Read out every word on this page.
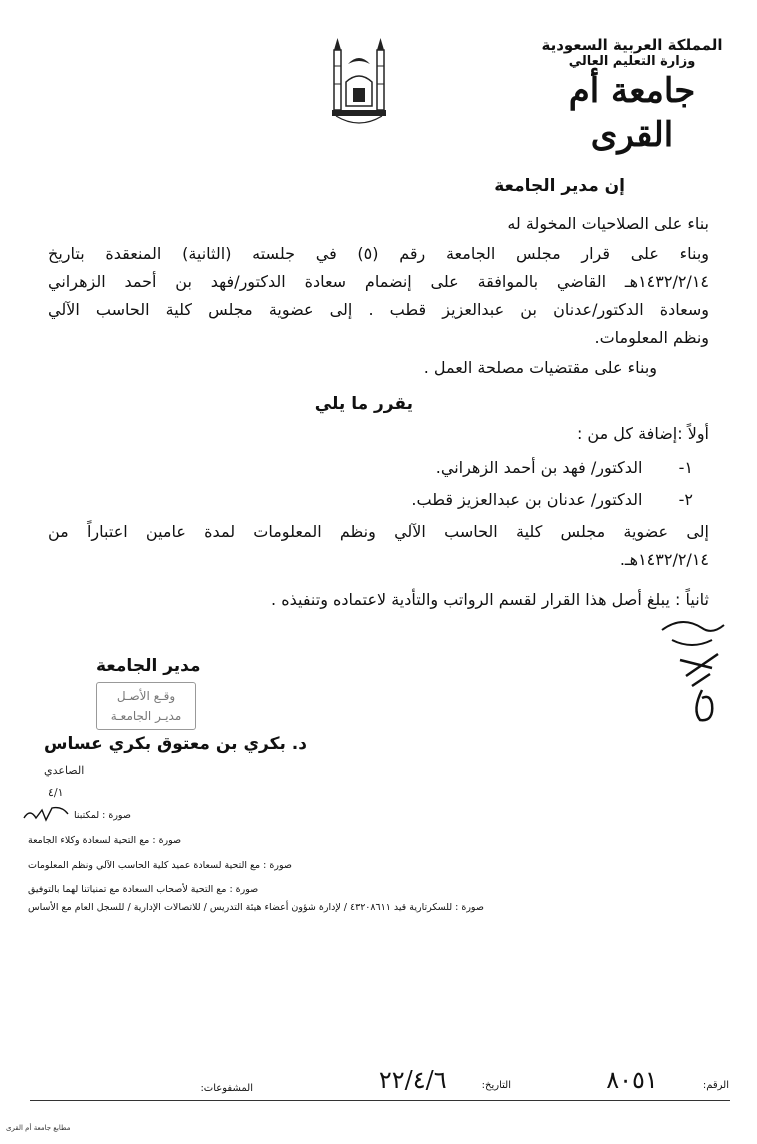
المملكة العربية السعودية
وزارة التعليم العالي
جامعة أم القرى
إن مدير الجامعة
بناء على الصلاحيات المخولة له
وبناء على قرار مجلس الجامعة رقم (٥) في جلسته (الثانية) المنعقدة بتاريخ
١٤٣٢/٢/١٤هـ القاضي بالموافقة على إنضمام سعادة الدكتور/فهد بن أحمد الزهراني
وسعادة الدكتور/عدنان بن عبدالعزيز قطب . إلى عضوية مجلس كلية الحاسب الآلي
ونظم المعلومات.
وبناء على مقتضيات مصلحة العمل .
يقرر ما يلي
أولاً :إضافة كل من :
١-  الدكتور/ فهد بن أحمد الزهراني.
٢-  الدكتور/ عدنان بن عبدالعزيز قطب.
إلى عضوية مجلس كلية الحاسب الآلي ونظم المعلومات لمدة عامين اعتباراً من
١٤٣٢/٢/١٤هـ.
ثانياً : يبلغ أصل هذا القرار لقسم الرواتب والتأدية لاعتماده وتنفيذه .
مدير الجامعة
وقـع الأصـل
مديـر الجامعـة
د. بكري بن معتوق بكري عساس
الصاعدي
٤/١
صورة : لمكتبنا
صورة : مع التحية لسعادة وكلاء الجامعة
صورة : مع التحية لسعادة عميد كلية الحاسب الآلي ونظم المعلومات
صورة : مع التحية لأصحاب السعادة مع تمنياتنا لهما بالتوفيق
صورة : للسكرتارية قيد ٤٣٢٠٨٦١١ / لإدارة شؤون أعضاء هيئة التدريس / للاتصالات الإدارية / للسجل العام مع الأساس
الرقم: ٨٠٥١
التاريخ: ٢٢/٤/٦
المشفوعات:
مطابع جامعة أم القرى
